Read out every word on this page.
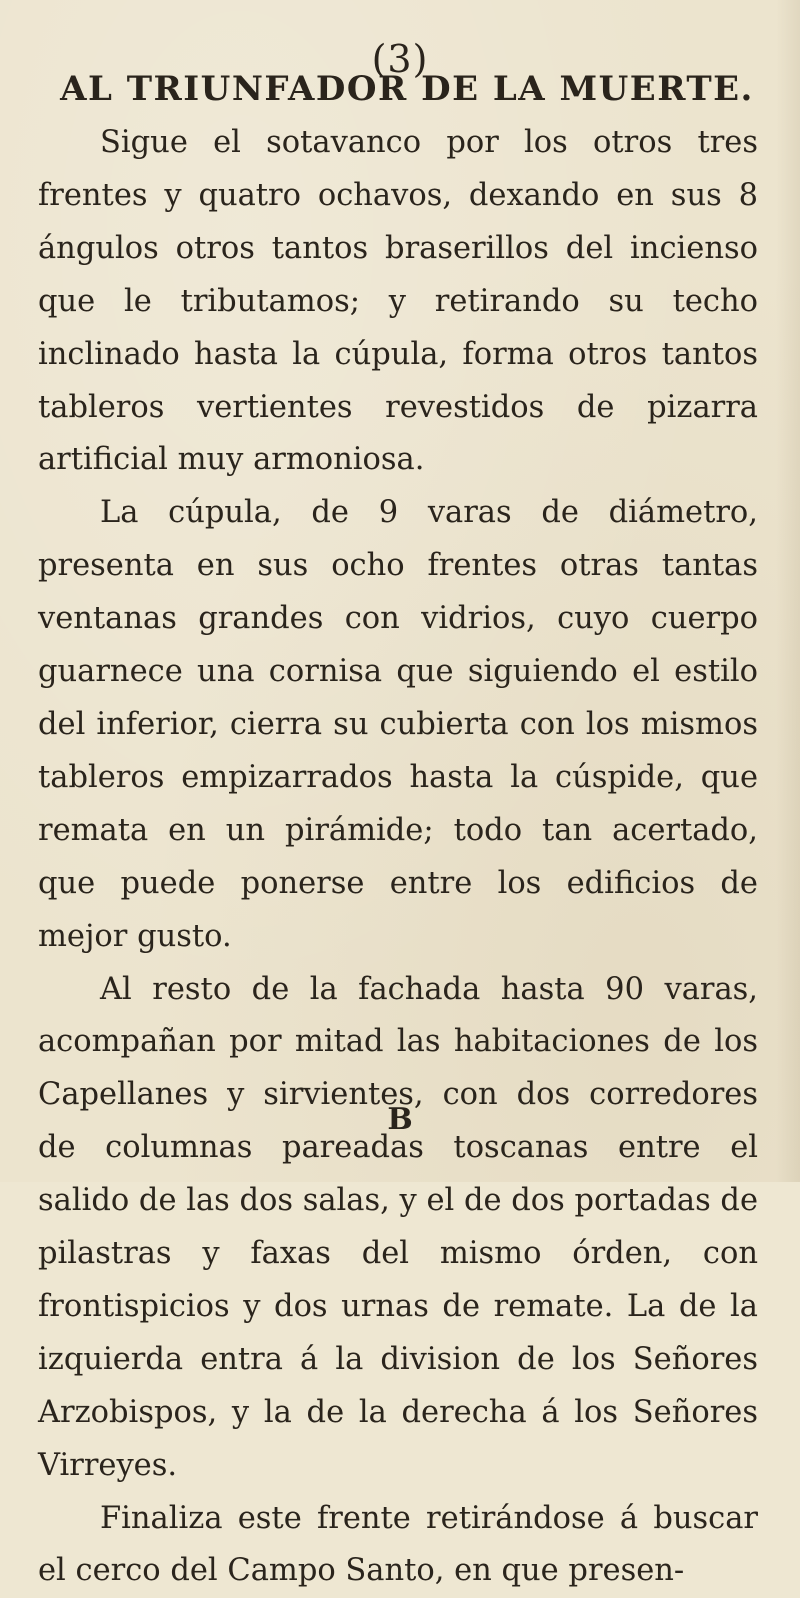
(3)
AL TRIUNFADOR DE LA MUERTE.

Sigue el sotavanco por los otros tres frentes y quatro ochavos, dexando en sus 8 ángulos otros tantos braserillos del incienso que le tributamos; y retirando su techo inclinado hasta la cúpula, forma otros tantos tableros vertientes revestidos de pizarra artificial muy armoniosa.

La cúpula, de 9 varas de diámetro, presenta en sus ocho frentes otras tantas ventanas grandes con vidrios, cuyo cuerpo guarnece una cornisa que siguiendo el estilo del inferior, cierra su cubierta con los mismos tableros empizarrados hasta la cúspide, que remata en un pirámide; todo tan acertado, que puede ponerse entre los edificios de mejor gusto.

Al resto de la fachada hasta 90 varas, acompañan por mitad las habitaciones de los Capellanes y sirvientes, con dos corredores de columnas pareadas toscanas entre el salido de las dos salas, y el de dos portadas de pilastras y faxas del mismo órden, con frontispicios y dos urnas de remate. La de la izquierda entra á la division de los Señores Arzobispos, y la de la derecha á los Señores Virreyes.

Finaliza este frente retirándose á buscar el cerco del Campo Santo, en que presen-

B
